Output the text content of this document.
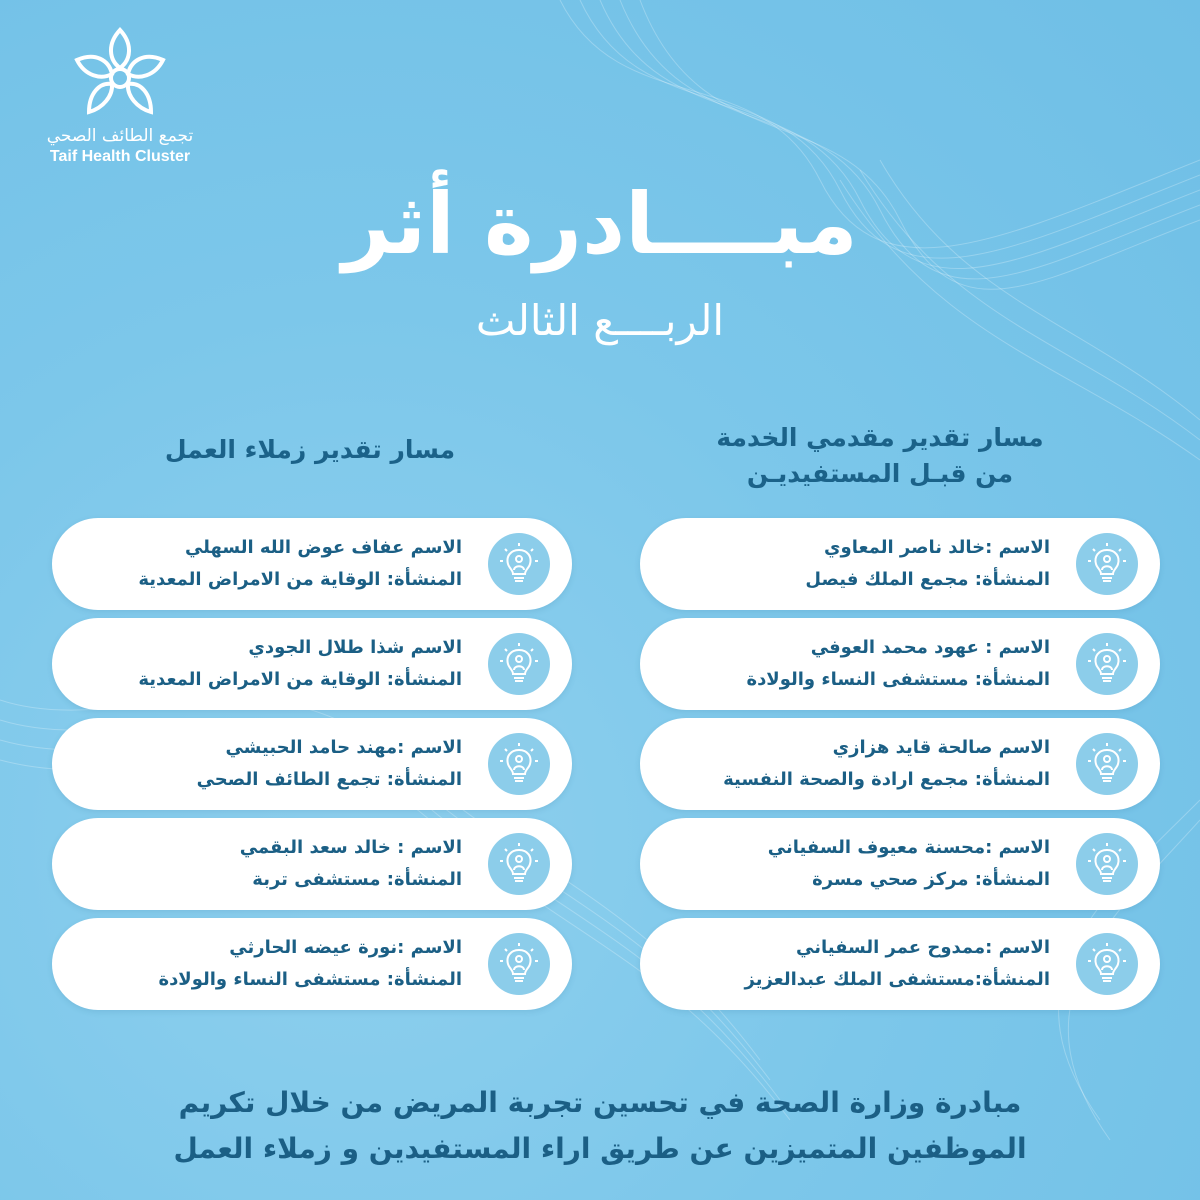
تجمع الطائف الصحي
Taif Health Cluster
مبــــادرة أثر
الربــــع الثالث
مسار تقدير مقدمي الخدمة
من قبـل المستفيديـن
مسار تقدير زملاء العمل
الاسم :خالد ناصر المعاوي
المنشأة: مجمع الملك فيصل
الاسم : عهود محمد العوفي
المنشأة: مستشفى النساء والولادة
الاسم صالحة قايد هزازي
المنشأة: مجمع ارادة والصحة النفسية
الاسم :محسنة معيوف السفياني
المنشأة: مركز صحي مسرة
الاسم :ممدوح عمر السفياني
المنشأة:مستشفى الملك عبدالعزيز
الاسم عفاف عوض الله السهلي
المنشأة: الوقاية من الامراض المعدية
الاسم شذا طلال الجودي
المنشأة: الوقاية من الامراض المعدية
الاسم :مهند حامد الحبيشي
المنشأة: تجمع الطائف الصحي
الاسم : خالد سعد البقمي
المنشأة: مستشفى تربة
الاسم :نورة عيضه الحارثي
المنشأة: مستشفى النساء والولادة
مبادرة وزارة الصحة في تحسين تجربة المريض من خلال تكريم
الموظفين المتميزين عن طريق اراء المستفيدين و زملاء العمل
